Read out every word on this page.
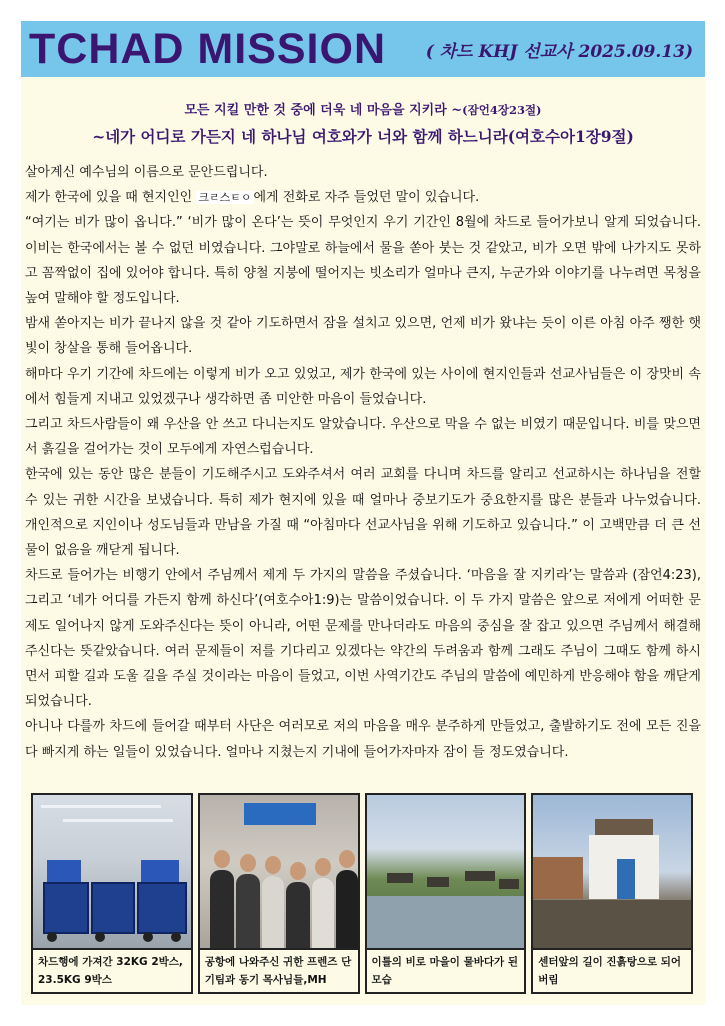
TCHAD MISSION ( 차드 KHJ 선교사 2025.09.13)
모든 지킬 만한 것 중에 더욱 네 마음을 지키라 ~(잠언4장23절)
~네가 어디로 가든지 네 하나님 여호와가 너와 함께 하느니라(여호수아1장9절)

살아계신 예수님의 이름으로 문안드립니다.

제가 한국에 있을 때 현지인인 크ㄹ스ㅌㅇ 에게 전화로 자주 들었던 말이 있습니다.

“여기는 비가 많이 옵니다.” ‘비가 많이 온다’는 뜻이 무엇인지 우기 기간인 8월에 차드로 들어가보니 알게 되었습니다. 이비는 한국에서는 볼 수 없던 비였습니다. 그야말로 하늘에서 물을 쏟아 붓는 것 같았고, 비가 오면 밖에 나가지도 못하고 꼼짝없이 집에 있어야 합니다. 특히 양철 지붕에 떨어지는 빗소리가 얼마나 큰지, 누군가와 이야기를 나누려면 목청을 높여 말해야 할 정도입니다.

밤새 쏟아지는 비가 끝나지 않을 것 같아 기도하면서 잠을 설치고 있으면, 언제 비가 왔냐는 듯이 이른 아침 아주 쨍한 햇빛이 창살을 통해 들어옵니다.

해마다 우기 기간에 차드에는 이렇게 비가 오고 있었고, 제가 한국에 있는 사이에 현지인들과 선교사님들은 이 장맛비 속에서 힘들게 지내고 있었겠구나 생각하면 좀 미안한 마음이 들었습니다.

그리고 차드사람들이 왜 우산을 안 쓰고 다니는지도 알았습니다. 우산으로 막을 수 없는 비였기 때문입니다. 비를 맞으면서 흙길을 걸어가는 것이 모두에게 자연스럽습니다.

한국에 있는 동안 많은 분들이 기도해주시고 도와주셔서 여러 교회를 다니며 차드를 알리고 선교하시는 하나님을 전할 수 있는 귀한 시간을 보냈습니다. 특히 제가 현지에 있을 때 얼마나 중보기도가 중요한지를 많은 분들과 나누었습니다. 개인적으로 지인이나 성도님들과 만남을 가질 때 “아침마다 선교사님을 위해 기도하고 있습니다.” 이 고백만큼 더 큰 선물이 없음을 깨닫게 됩니다.

차드로 들어가는 비행기 안에서 주님께서 제게 두 가지의 말씀을 주셨습니다. ‘마음을 잘 지키라’는 말씀과 (잠언4:23), 그리고 ‘네가 어디를 가든지 함께 하신다’(여호수아1:9)는 말씀이었습니다. 이 두 가지 말씀은 앞으로 저에게 어떠한 문제도 일어나지 않게 도와주신다는 뜻이 아니라, 어떤 문제를 만나더라도 마음의 중심을 잘 잡고 있으면 주님께서 해결해주신다는 뜻같았습니다. 여러 문제들이 저를 기다리고 있겠다는 약간의 두려움과 함께 그래도 주님이 그때도 함께 하시면서 피할 길과 도울 길을 주실 것이라는 마음이 들었고, 이번 사역기간도 주님의 말씀에 예민하게 반응해야 함을 깨닫게 되었습니다.

아니나 다를까 차드에 들어갈 때부터 사단은 여러모로 저의 마음을 매우 분주하게 만들었고, 출발하기도 전에 모든 진을 다 빠지게 하는 일들이 있었습니다. 얼마나 지쳤는지 기내에 들어가자마자 잠이 들 정도였습니다.

차드행에 가져간 32KG 2박스, 23.5KG 9박스
공항에 나와주신 귀한 프렌즈 단기팀과 동기 목사님들,MH
이틀의 비로 마을이 물바다가 된 모습
센터앞의 길이 진흙탕으로 되어 버림
